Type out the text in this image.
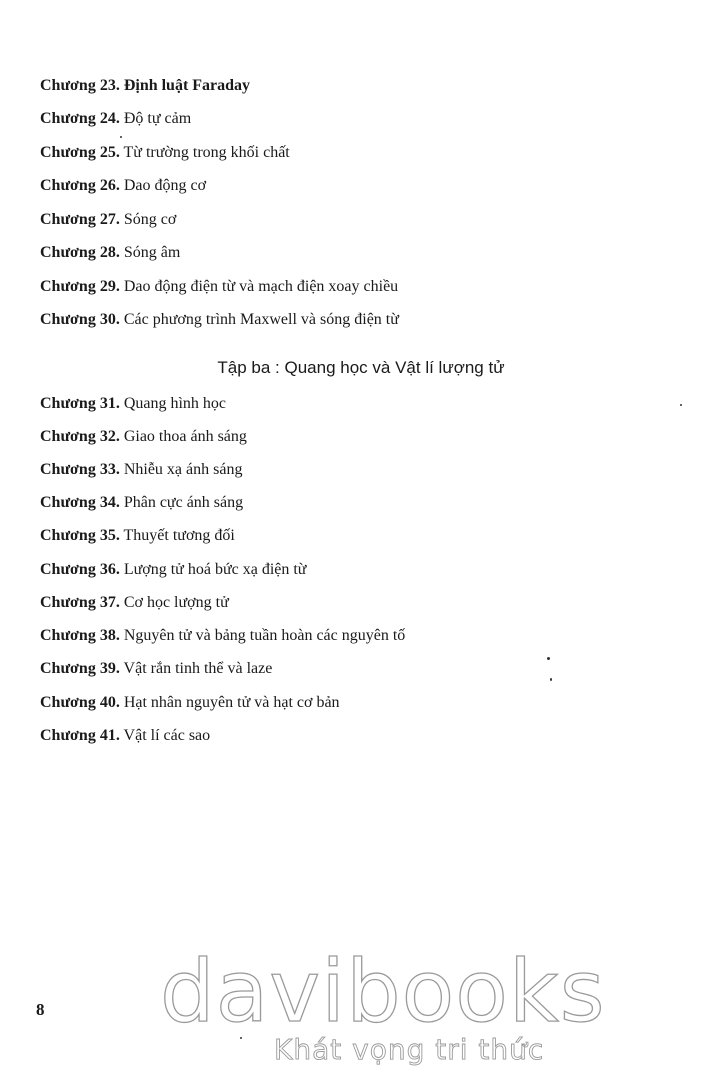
Chương 23. Định luật Faraday
Chương 24. Độ tự cảm
Chương 25. Từ trường trong khối chất
Chương 26. Dao động cơ
Chương 27. Sóng cơ
Chương 28. Sóng âm
Chương 29. Dao động điện từ và mạch điện xoay chiều
Chương 30. Các phương trình Maxwell và sóng điện từ
Tập ba : Quang học và Vật lí lượng tử
Chương 31. Quang hình học
Chương 32. Giao thoa ánh sáng
Chương 33. Nhiễu xạ ánh sáng
Chương 34. Phân cực ánh sáng
Chương 35. Thuyết tương đối
Chương 36. Lượng tử hoá bức xạ điện từ
Chương 37. Cơ học lượng tử
Chương 38. Nguyên tử và bảng tuần hoàn các nguyên tố
Chương 39. Vật rắn tinh thể và laze
Chương 40. Hạt nhân nguyên tử và hạt cơ bản
Chương 41. Vật lí các sao
8 davibooks
Khát vọng tri thức
